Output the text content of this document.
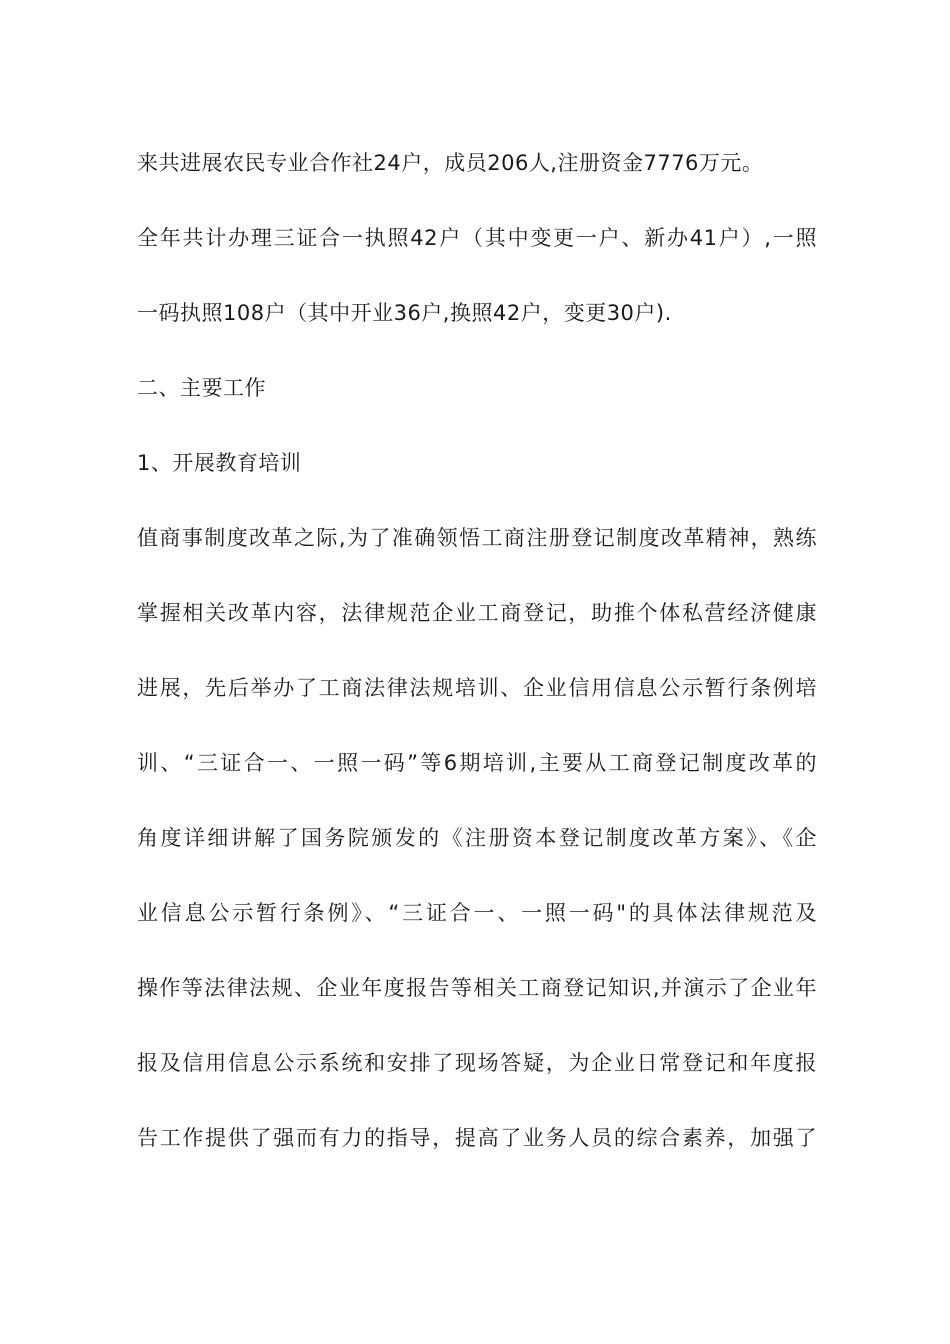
来共进展农民专业合作社24户，成员206人,注册资金7776万元。
全年共计办理三证合一执照42户（其中变更一户、新办41户）,一照
一码执照108户（其中开业36户,换照42户，变更30户).
二、主要工作
1、开展教育培训
值商事制度改革之际,为了准确领悟工商注册登记制度改革精神，熟练
掌握相关改革内容，法律规范企业工商登记，助推个体私营经济健康
进展，先后举办了工商法律法规培训、企业信用信息公示暂行条例培
训、“三证合一、一照一码”等6期培训,主要从工商登记制度改革的
角度详细讲解了国务院颁发的《注册资本登记制度改革方案》、《企
业信息公示暂行条例》、“三证合一、一照一码"的具体法律规范及
操作等法律法规、企业年度报告等相关工商登记知识,并演示了企业年
报及信用信息公示系统和安排了现场答疑，为企业日常登记和年度报
告工作提供了强而有力的指导，提高了业务人员的综合素养，加强了
